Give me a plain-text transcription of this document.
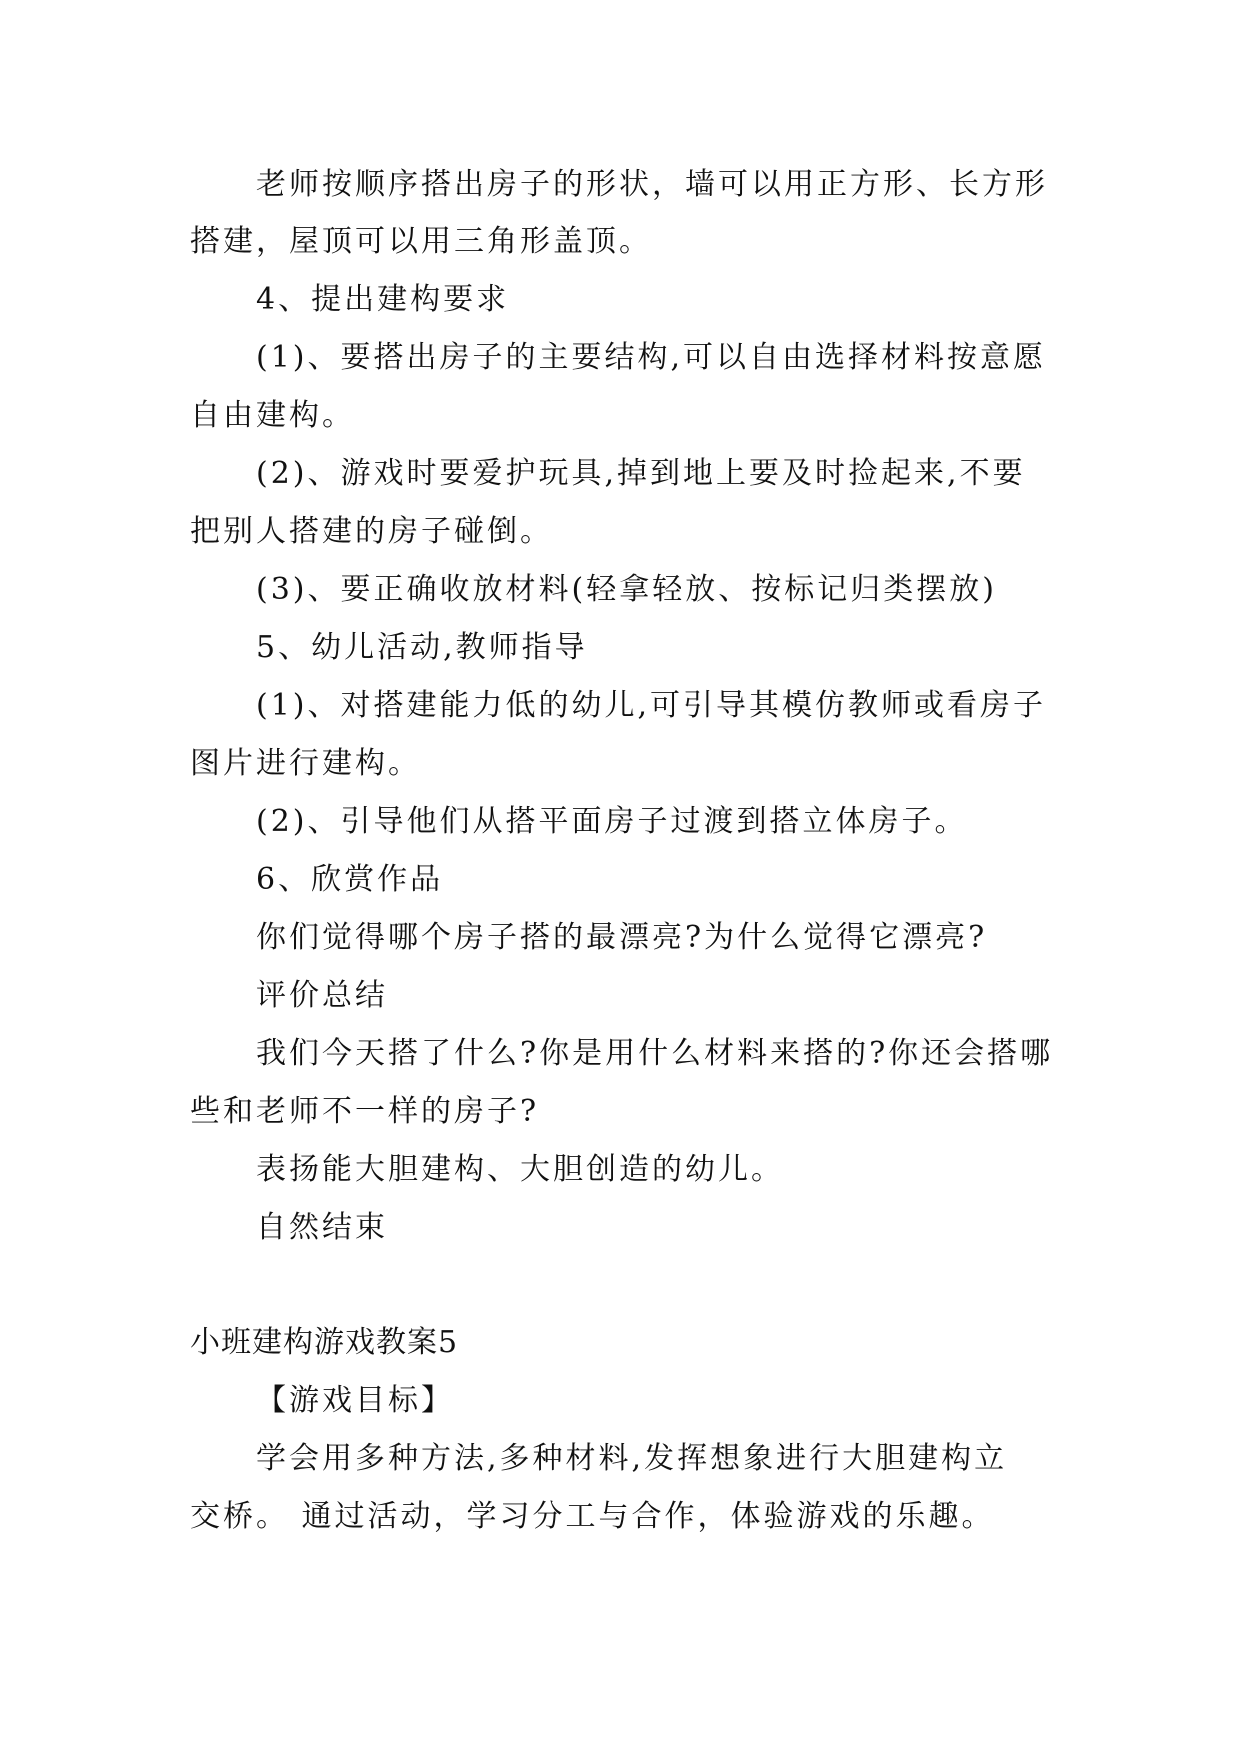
老师按顺序搭出房子的形状，墙可以用正方形、长方形
搭建，屋顶可以用三角形盖顶。
4、提出建构要求
(1)、要搭出房子的主要结构,可以自由选择材料按意愿
自由建构。
(2)、游戏时要爱护玩具,掉到地上要及时捡起来,不要
把别人搭建的房子碰倒。
(3)、要正确收放材料(轻拿轻放、按标记归类摆放)
5、幼儿活动,教师指导
(1)、对搭建能力低的幼儿,可引导其模仿教师或看房子
图片进行建构。
(2)、引导他们从搭平面房子过渡到搭立体房子。
6、欣赏作品
你们觉得哪个房子搭的最漂亮?为什么觉得它漂亮?
评价总结
我们今天搭了什么?你是用什么材料来搭的?你还会搭哪
些和老师不一样的房子?
表扬能大胆建构、大胆创造的幼儿。
自然结束
小班建构游戏教案5
【游戏目标】
学会用多种方法,多种材料,发挥想象进行大胆建构立
交桥。 通过活动，学习分工与合作，体验游戏的乐趣。
